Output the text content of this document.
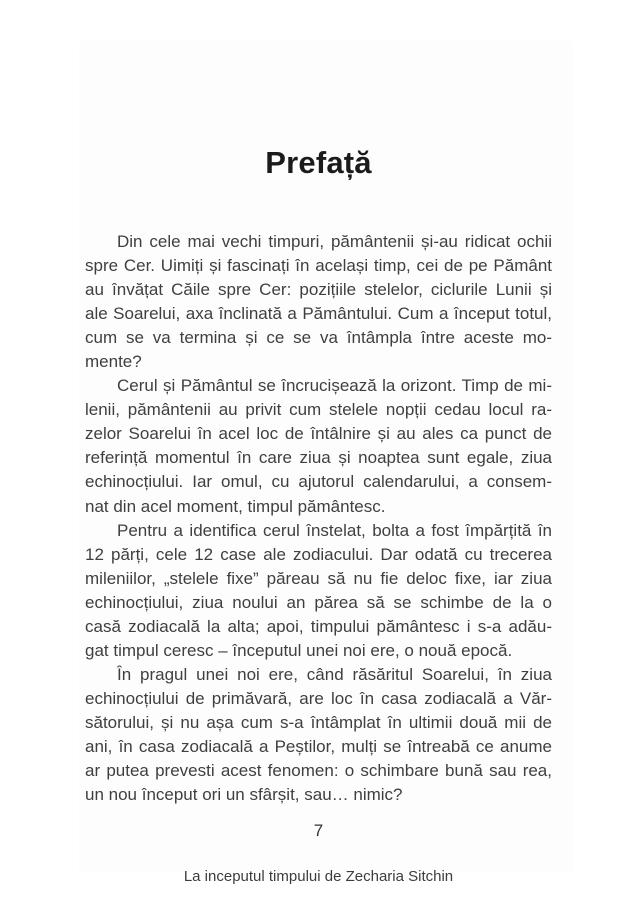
Prefață
Din cele mai vechi timpuri, pământenii și-au ridicat ochii
spre Cer. Uimiți și fascinați în același timp, cei de pe Pământ
au învățat Căile spre Cer: pozițiile stelelor, ciclurile Lunii și
ale Soarelui, axa înclinată a Pământului. Cum a început totul,
cum se va termina și ce se va întâmpla între aceste mo-
mente?
Cerul și Pământul se încrucișează la orizont. Timp de mi-
lenii, pământenii au privit cum stelele nopții cedau locul ra-
zelor Soarelui în acel loc de întâlnire și au ales ca punct de
referință momentul în care ziua și noaptea sunt egale, ziua
echinocțiului. Iar omul, cu ajutorul calendarului, a consem-
nat din acel moment, timpul pământesc.
Pentru a identifica cerul înstelat, bolta a fost împărțită în
12 părți, cele 12 case ale zodiacului. Dar odată cu trecerea
mileniilor, „stelele fixe” păreau să nu fie deloc fixe, iar ziua
echinocțiului, ziua noului an părea să se schimbe de la o
casă zodiacală la alta; apoi, timpului pământesc i s-a adău-
gat timpul ceresc – începutul unei noi ere, o nouă epocă.
În pragul unei noi ere, când răsăritul Soarelui, în ziua
echinocțiului de primăvară, are loc în casa zodiacală a Văr-
sătorului, și nu așa cum s-a întâmplat în ultimii două mii de
ani, în casa zodiacală a Peștilor, mulți se întreabă ce anume
ar putea prevesti acest fenomen: o schimbare bună sau rea,
un nou început ori un sfârșit, sau… nimic?
7
La inceputul timpului de Zecharia Sitchin
